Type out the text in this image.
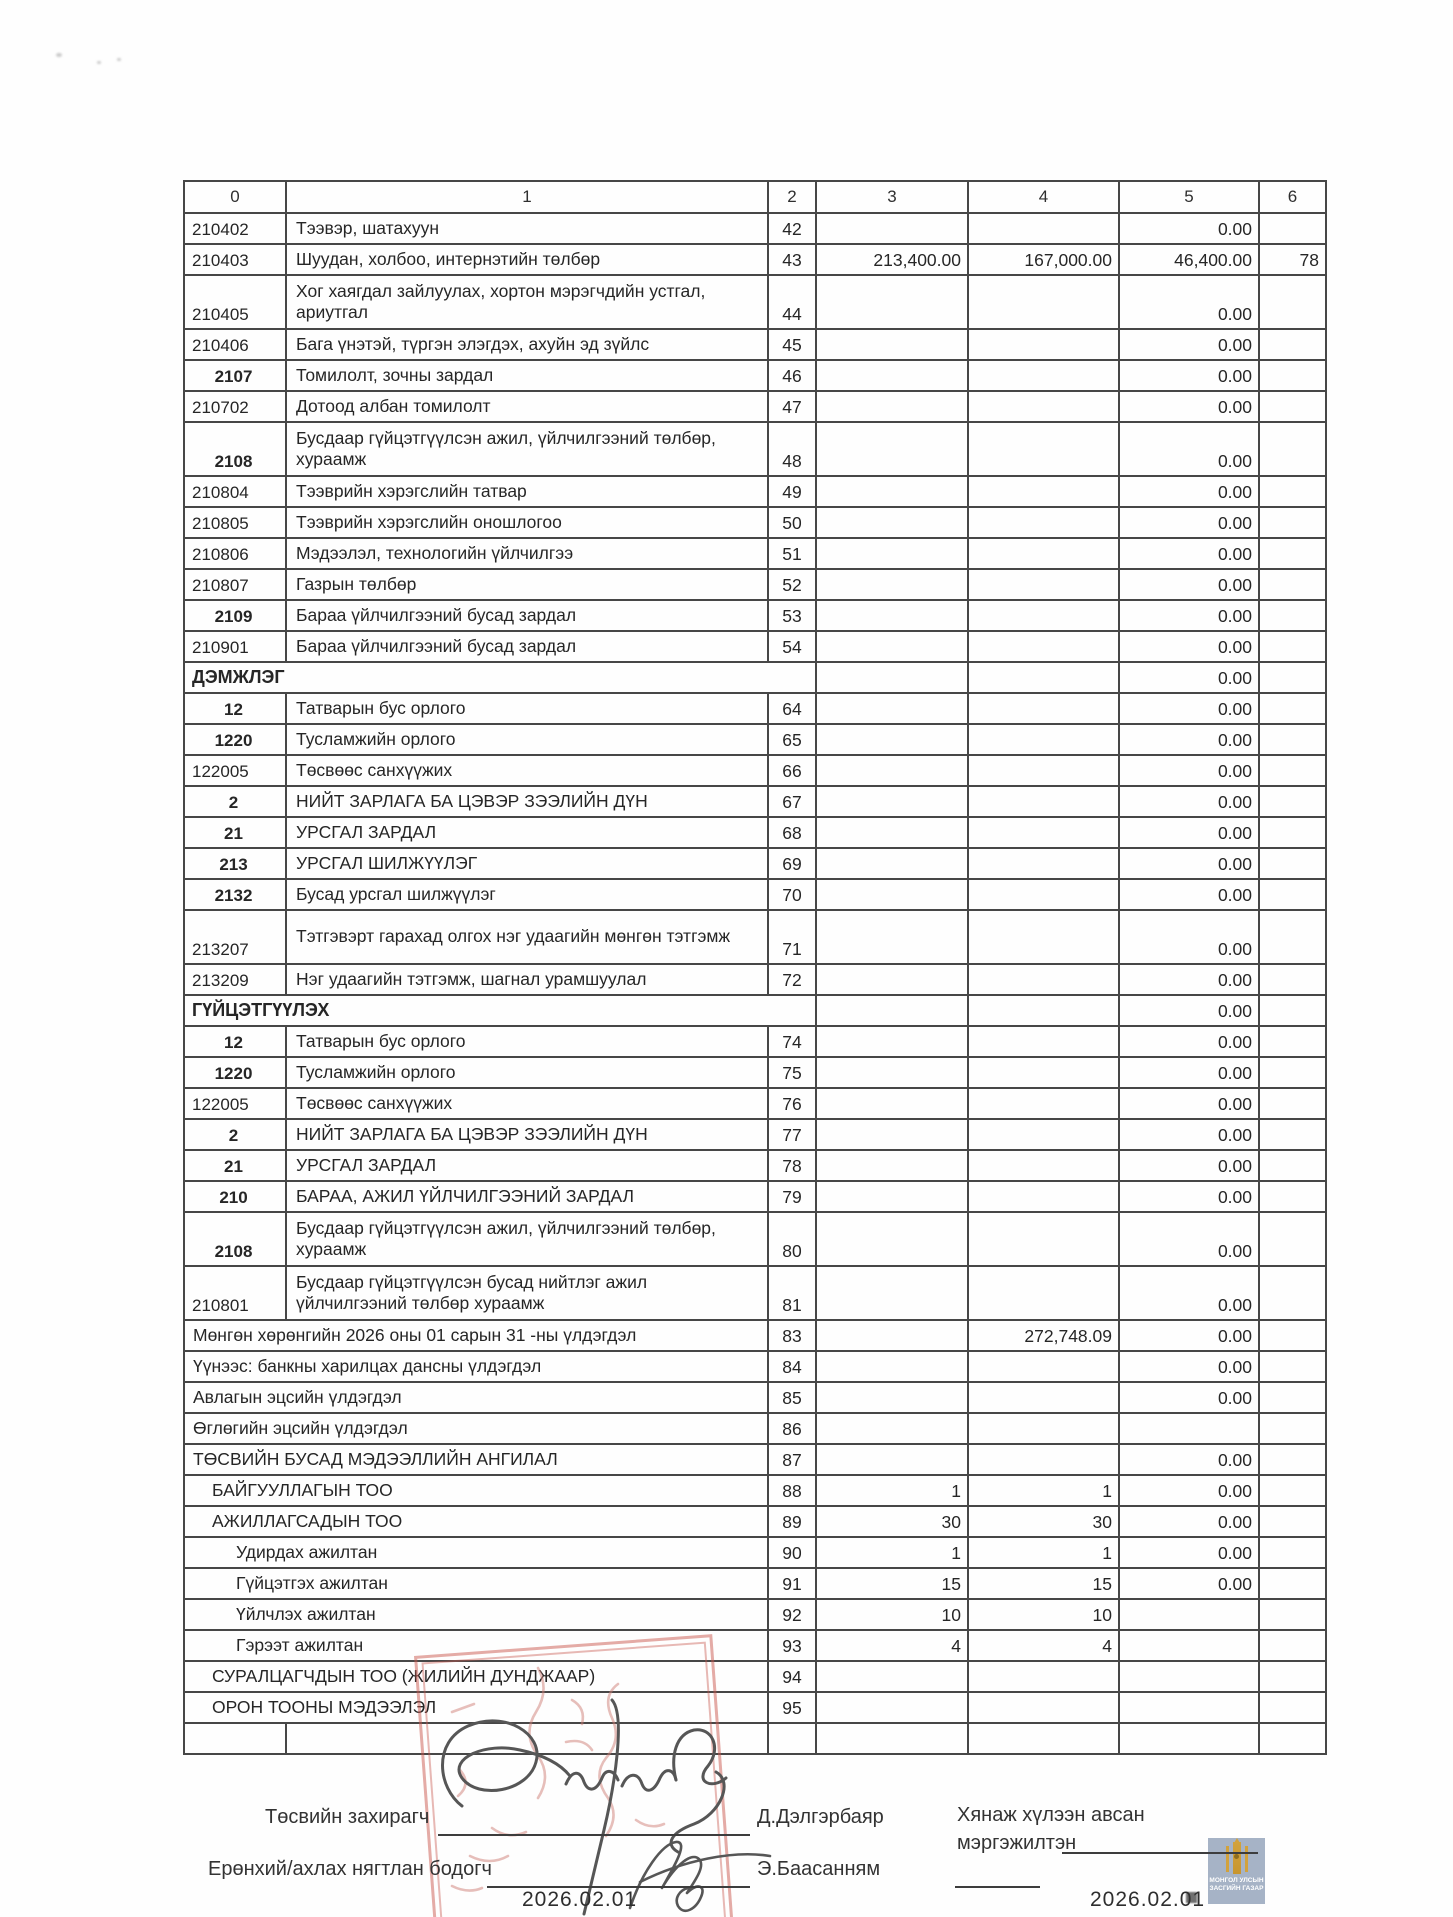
0	1	2	3	4	5	6
210402	Тээвэр, шатахуун	42			0.00	
210403	Шуудан, холбоо, интернэтийн төлбөр	43	213,400.00	167,000.00	46,400.00	78
210405	Хог хаягдал зайлуулах, хортон мэрэгчдийн устгал, ариутгал	44			0.00	
210406	Бага үнэтэй, түргэн элэгдэх, ахуйн эд зүйлс	45			0.00	
2107	Томилолт, зочны зардал	46			0.00	
210702	Дотоод албан томилолт	47			0.00	
2108	Бусдаар гүйцэтгүүлсэн ажил, үйлчилгээний төлбөр, хураамж	48			0.00	
210804	Тээврийн хэрэгслийн татвар	49			0.00	
210805	Тээврийн хэрэгслийн оношлогоо	50			0.00	
210806	Мэдээлэл, технологийн үйлчилгээ	51			0.00	
210807	Газрын төлбөр	52			0.00	
2109	Бараа үйлчилгээний бусад зардал	53			0.00	
210901	Бараа үйлчилгээний бусад зардал	54			0.00	
ДЭМЖЛЭГ					0.00	
12	Татварын бус орлого	64			0.00	
1220	Тусламжийн орлого	65			0.00	
122005	Төсвөөс санхүүжих	66			0.00	
2	НИЙТ ЗАРЛАГА БА ЦЭВЭР ЗЭЭЛИЙН ДҮН	67			0.00	
21	УРСГАЛ ЗАРДАЛ	68			0.00	
213	УРСГАЛ ШИЛЖҮҮЛЭГ	69			0.00	
2132	Бусад урсгал шилжүүлэг	70			0.00	
213207	Тэтгэвэрт гарахад олгох нэг удаагийн мөнгөн тэтгэмж	71			0.00	
213209	Нэг удаагийн тэтгэмж, шагнал урамшуулал	72			0.00	
ГҮЙЦЭТГҮҮЛЭХ					0.00	
12	Татварын бус орлого	74			0.00	
1220	Тусламжийн орлого	75			0.00	
122005	Төсвөөс санхүүжих	76			0.00	
2	НИЙТ ЗАРЛАГА БА ЦЭВЭР ЗЭЭЛИЙН ДҮН	77			0.00	
21	УРСГАЛ ЗАРДАЛ	78			0.00	
210	БАРАА, АЖИЛ ҮЙЛЧИЛГЭЭНИЙ ЗАРДАЛ	79			0.00	
2108	Бусдаар гүйцэтгүүлсэн ажил, үйлчилгээний төлбөр, хураамж	80			0.00	
210801	Бусдаар гүйцэтгүүлсэн бусад нийтлэг ажил үйлчилгээний төлбөр хураамж	81			0.00	
Мөнгөн хөрөнгийн 2026 оны 01 сарын 31 -ны үлдэгдэл		83		272,748.09	0.00	
Үүнээс: банкны харилцах дансны үлдэгдэл		84			0.00	
Авлагын эцсийн үлдэгдэл		85			0.00	
Өглөгийн эцсийн үлдэгдэл		86				
ТӨСВИЙН БУСАД МЭДЭЭЛЛИЙН АНГИЛАЛ		87			0.00	
БАЙГУУЛЛАГЫН ТОО		88	1	1	0.00	
АЖИЛЛАГСАДЫН ТОО		89	30	30	0.00	
Удирдах ажилтан		90	1	1	0.00	
Гүйцэтгэх ажилтан		91	15	15	0.00	
Үйлчлэх ажилтан		92	10	10		
Гэрээт ажилтан		93	4	4		
СУРАЛЦАГЧДЫН ТОО (ЖИЛИЙН ДУНДЖААР)		94				
ОРОН ТООНЫ МЭДЭЭЛЭЛ		95				

Төсвийн захирагч	Д.Дэлгэрбаяр	Хянаж хүлээн авсан
мэргэжилтэн
Ерөнхий/ахлах нягтлан бодогч	Э.Баасанням
2026.02.01	2026.02.01
МОНГОЛ УЛСЫН
ЗАСГИЙН ГАЗАР
